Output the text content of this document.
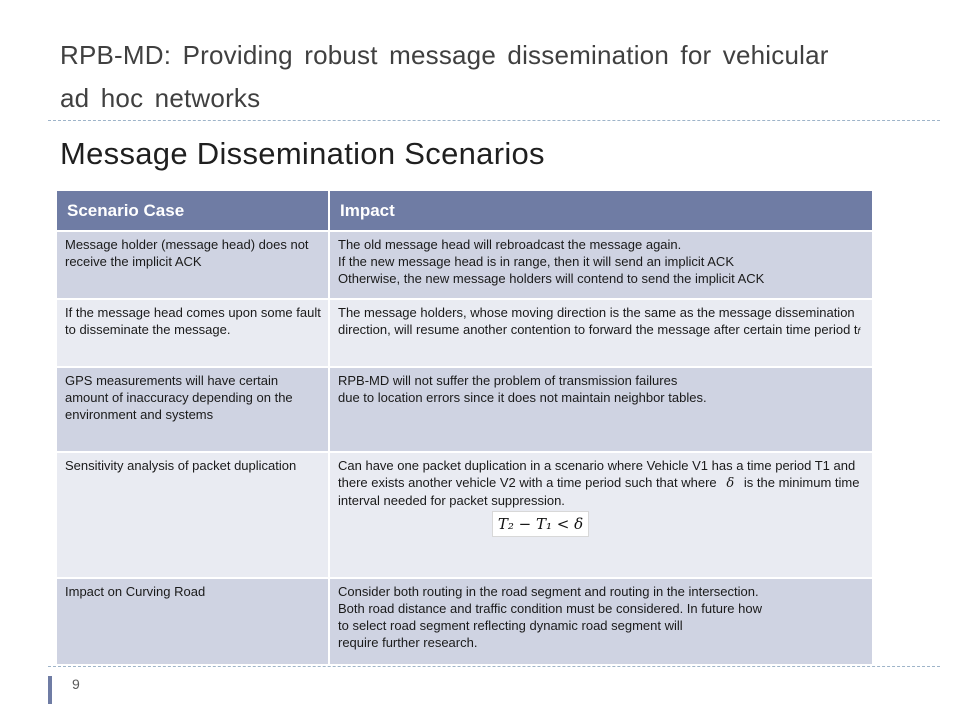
RPB-MD: Providing robust message dissemination for vehicular ad hoc networks
Message Dissemination Scenarios
Scenario Case	Impact
Message holder (message head) does not receive the implicit ACK	The old message head will rebroadcast the message again.
If the new message head is in range, then it will send an implicit ACK
Otherwise, the new message holders will contend to send the implicit ACK

If the message head comes upon some fault to disseminate the message.	The message holders, whose moving direction is the same as the message dissemination direction, will resume another contention to forward the message after certain time period tf
GPS measurements will have certain amount of inaccuracy depending on the environment and systems	RPB-MD will not suffer the problem of transmission failures
due to location errors since it does not maintain neighbor tables.

Sensitivity analysis of packet duplication	Can have one packet duplication in a scenario where Vehicle V1 has a time period T1 and there exists another vehicle V2 with a time period such that where δ is the minimum time interval needed for packet suppression.
T₂ − T₁ < δ

Impact on Curving Road	Consider both routing in the road segment and routing in the intersection.
Both road distance and traffic condition must be considered. In future how
to select road segment reflecting dynamic road segment will
require further research.
9
